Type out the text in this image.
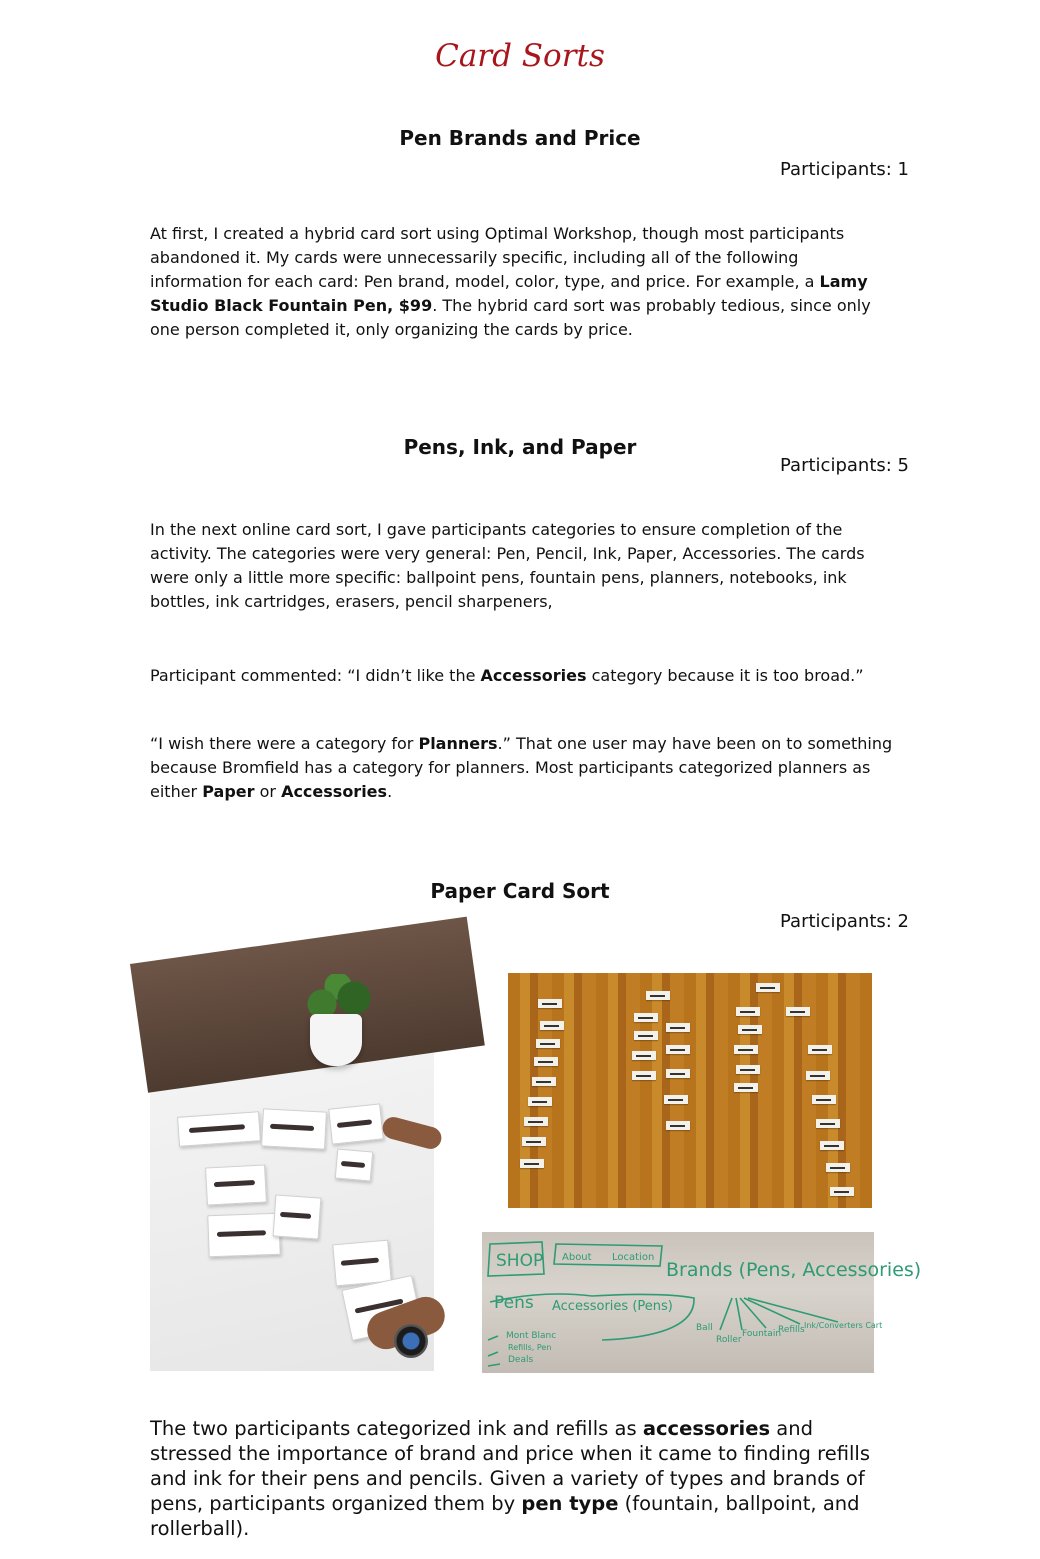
Card Sorts
Pen Brands and Price
Participants: 1

At first, I created a hybrid card sort using Optimal Workshop, though most participants abandoned it. My cards were unnecessarily specific, including all of the following information for each card: Pen brand, model, color, type, and price. For example, a Lamy Studio Black Fountain Pen, $99. The hybrid card sort was probably tedious, since only one person completed it, only organizing the cards by price.

Pens, Ink, and Paper
Participants: 5

In the next online card sort, I gave participants categories to ensure completion of the activity. The categories were very general: Pen, Pencil, Ink, Paper, Accessories. The cards were only a little more specific: ballpoint pens, fountain pens, planners, notebooks, ink bottles, ink cartridges, erasers, pencil sharpeners,

Participant commented: “I didn’t like the Accessories category because it is too broad.”

“I wish there were a category for Planners.” That one user may have been on to something because Bromfield has a category for planners. Most participants categorized planners as either Paper or Accessories.

Paper Card Sort
Participants: 2
SHOP About Location
Brands (Pens, Accessories)
Pens Accessories (Pens)
Ball
Roller
Fountain
Refills Ink/Converters Cart
Mont Blanc
Refills, Pen
Deals

The two participants categorized ink and refills as accessories and stressed the importance of brand and price when it came to finding refills and ink for their pens and pencils. Given a variety of types and brands of pens, participants organized them by pen type (fountain, ballpoint, and rollerball).
